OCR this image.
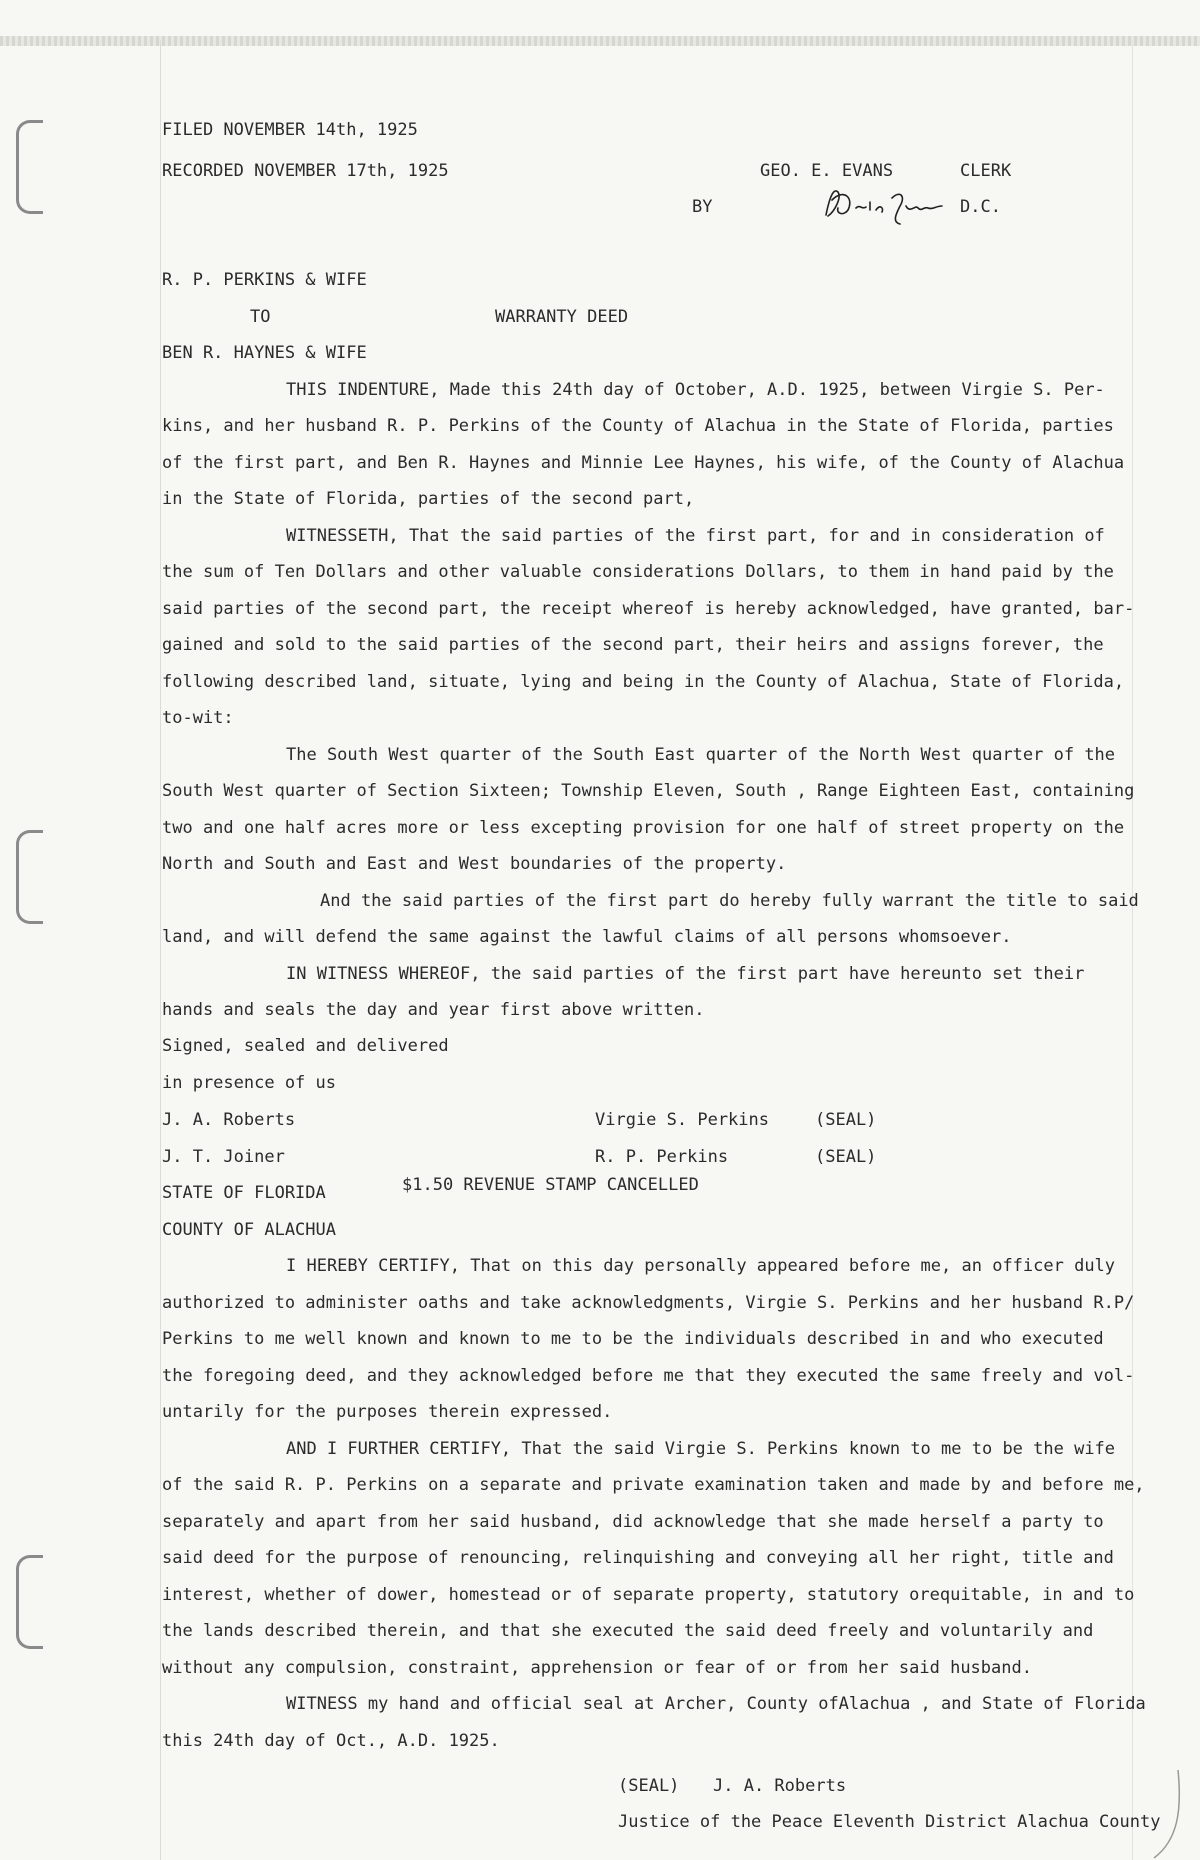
FILED NOVEMBER 14th, 1925
RECORDED NOVEMBER 17th, 1925	GEO. E. EVANS	CLERK
BY	D.C.
R. P. PERKINS & WIFE
TO	WARRANTY DEED
BEN R. HAYNES & WIFE
THIS INDENTURE, Made this 24th day of October, A.D. 1925, between Virgie S. Per-
kins, and her husband R. P. Perkins of the County of Alachua in the State of Florida, parties
of the first part, and Ben R. Haynes and Minnie Lee Haynes, his wife, of the County of Alachua
in the State of Florida, parties of the second part,
WITNESSETH, That the said parties of the first part, for and in consideration of
the sum of Ten Dollars and other valuable considerations Dollars, to them in hand paid by the
said parties of the second part, the receipt whereof is hereby acknowledged, have granted, bar-
gained and sold to the said parties of the second part, their heirs and assigns forever, the
following described land, situate, lying and being in the County of Alachua, State of Florida,
to-wit:
The South West quarter of the South East quarter of the North West quarter of the
South West quarter of Section Sixteen; Township Eleven, South , Range Eighteen East, containing
two and one half acres more or less excepting provision for one half of street property on the
North and South and East and West boundaries of the property.
And the said parties of the first part do hereby fully warrant the title to said
land, and will defend the same against the lawful claims of all persons whomsoever.
IN WITNESS WHEREOF, the said parties of the first part have hereunto set their
hands and seals the day and year first above written.
Signed, sealed and delivered
in presence of us
J. A. Roberts	Virgie S. Perkins	(SEAL)
J. T. Joiner	R. P. Perkins	(SEAL)
STATE OF FLORIDA	$1.50 REVENUE STAMP CANCELLED
COUNTY OF ALACHUA
I HEREBY CERTIFY, That on this day personally appeared before me, an officer duly
authorized to administer oaths and take acknowledgments, Virgie S. Perkins and her husband R.P/
Perkins to me well known and known to me to be the individuals described in and who executed
the foregoing deed, and they acknowledged before me that they executed the same freely and vol-
untarily for the purposes therein expressed.
AND I FURTHER CERTIFY, That the said Virgie S. Perkins known to me to be the wife
of the said R. P. Perkins on a separate and private examination taken and made by and before me,
separately and apart from her said husband, did acknowledge that she made herself a party to
said deed for the purpose of renouncing, relinquishing and conveying all her right, title and
interest, whether of dower, homestead or of separate property, statutory orequitable, in and to
the lands described therein, and that she executed the said deed freely and voluntarily and
without any compulsion, constraint, apprehension or fear of or from her said husband.
WITNESS my hand and official seal at Archer, County ofAlachua , and State of Florida
this 24th day of Oct., A.D. 1925.
(SEAL) J. A. Roberts
Justice of the Peace Eleventh District Alachua County
